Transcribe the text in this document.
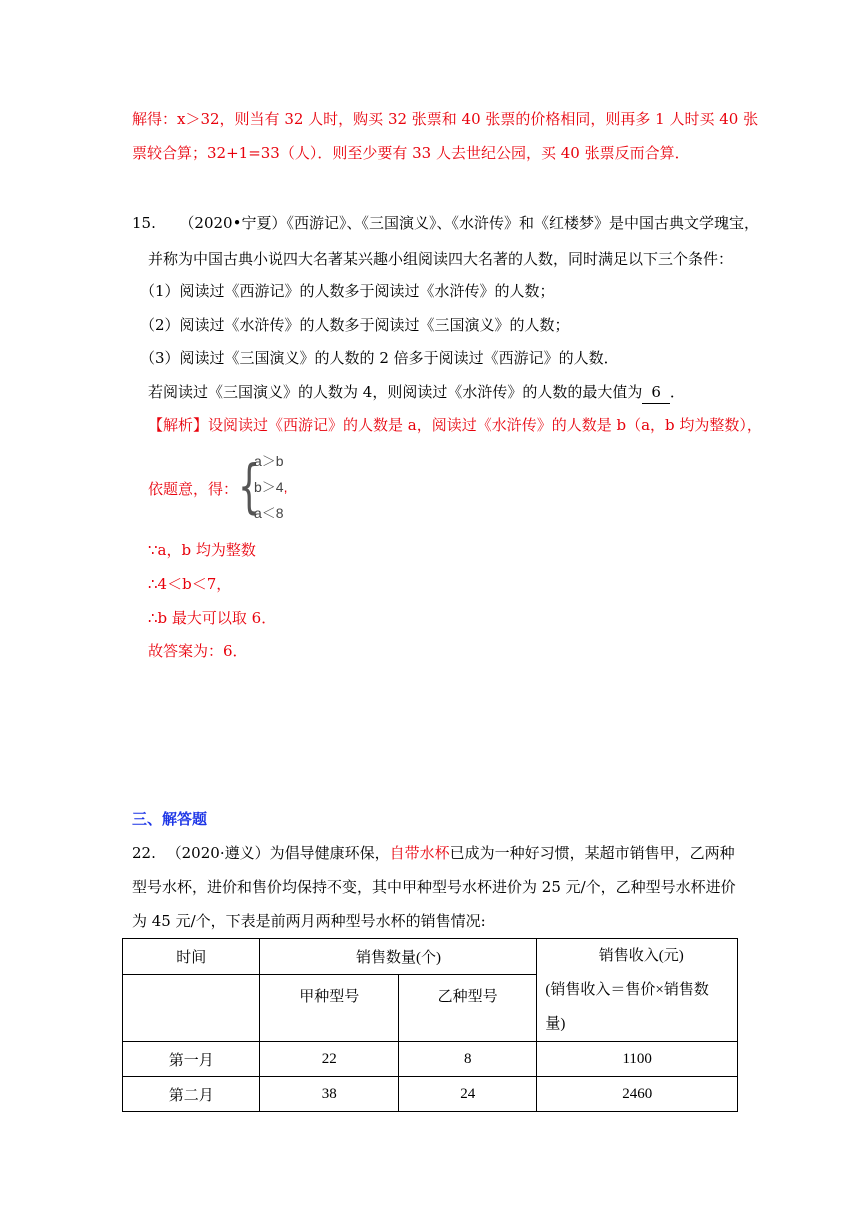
解得：x＞32，则当有 32 人时，购买 32 张票和 40 张票的价格相同，则再多 1 人时买 40 张
票较合算；32+1=33（人）．则至少要有 33 人去世纪公园，买 40 张票反而合算．
15. （2020•宁夏）《西游记》、《三国演义》、《水浒传》和《红楼梦》是中国古典文学瑰宝，
并称为中国古典小说四大名著某兴趣小组阅读四大名著的人数，同时满足以下三个条件：
（1）阅读过《西游记》的人数多于阅读过《水浒传》的人数；
（2）阅读过《水浒传》的人数多于阅读过《三国演义》的人数；
（3）阅读过《三国演义》的人数的 2 倍多于阅读过《西游记》的人数．
若阅读过《三国演义》的人数为 4，则阅读过《水浒传》的人数的最大值为 6 ．
【解析】设阅读过《西游记》的人数是 a，阅读过《水浒传》的人数是 b（a，b 均为整数），
依题意，得： {
a＞b
b＞4,
a＜8
∵a，b 均为整数
∴4＜b＜7，
∴b 最大可以取 6．
故答案为：6．
三、解答题
22. （2020·遵义）为倡导健康环保，自带水杯已成为一种好习惯，某超市销售甲，乙两种
型号水杯，进价和售价均保持不变，其中甲种型号水杯进价为 25 元/个，乙种型号水杯进价
为 45 元/个，下表是前两月两种型号水杯的销售情况:
时间	销售数量(个)		销售收入(元)
(销售收入＝售价×销售数
量)

	甲种型号	乙种型号	
第一月	22	8	1100
第二月	38	24	2460
